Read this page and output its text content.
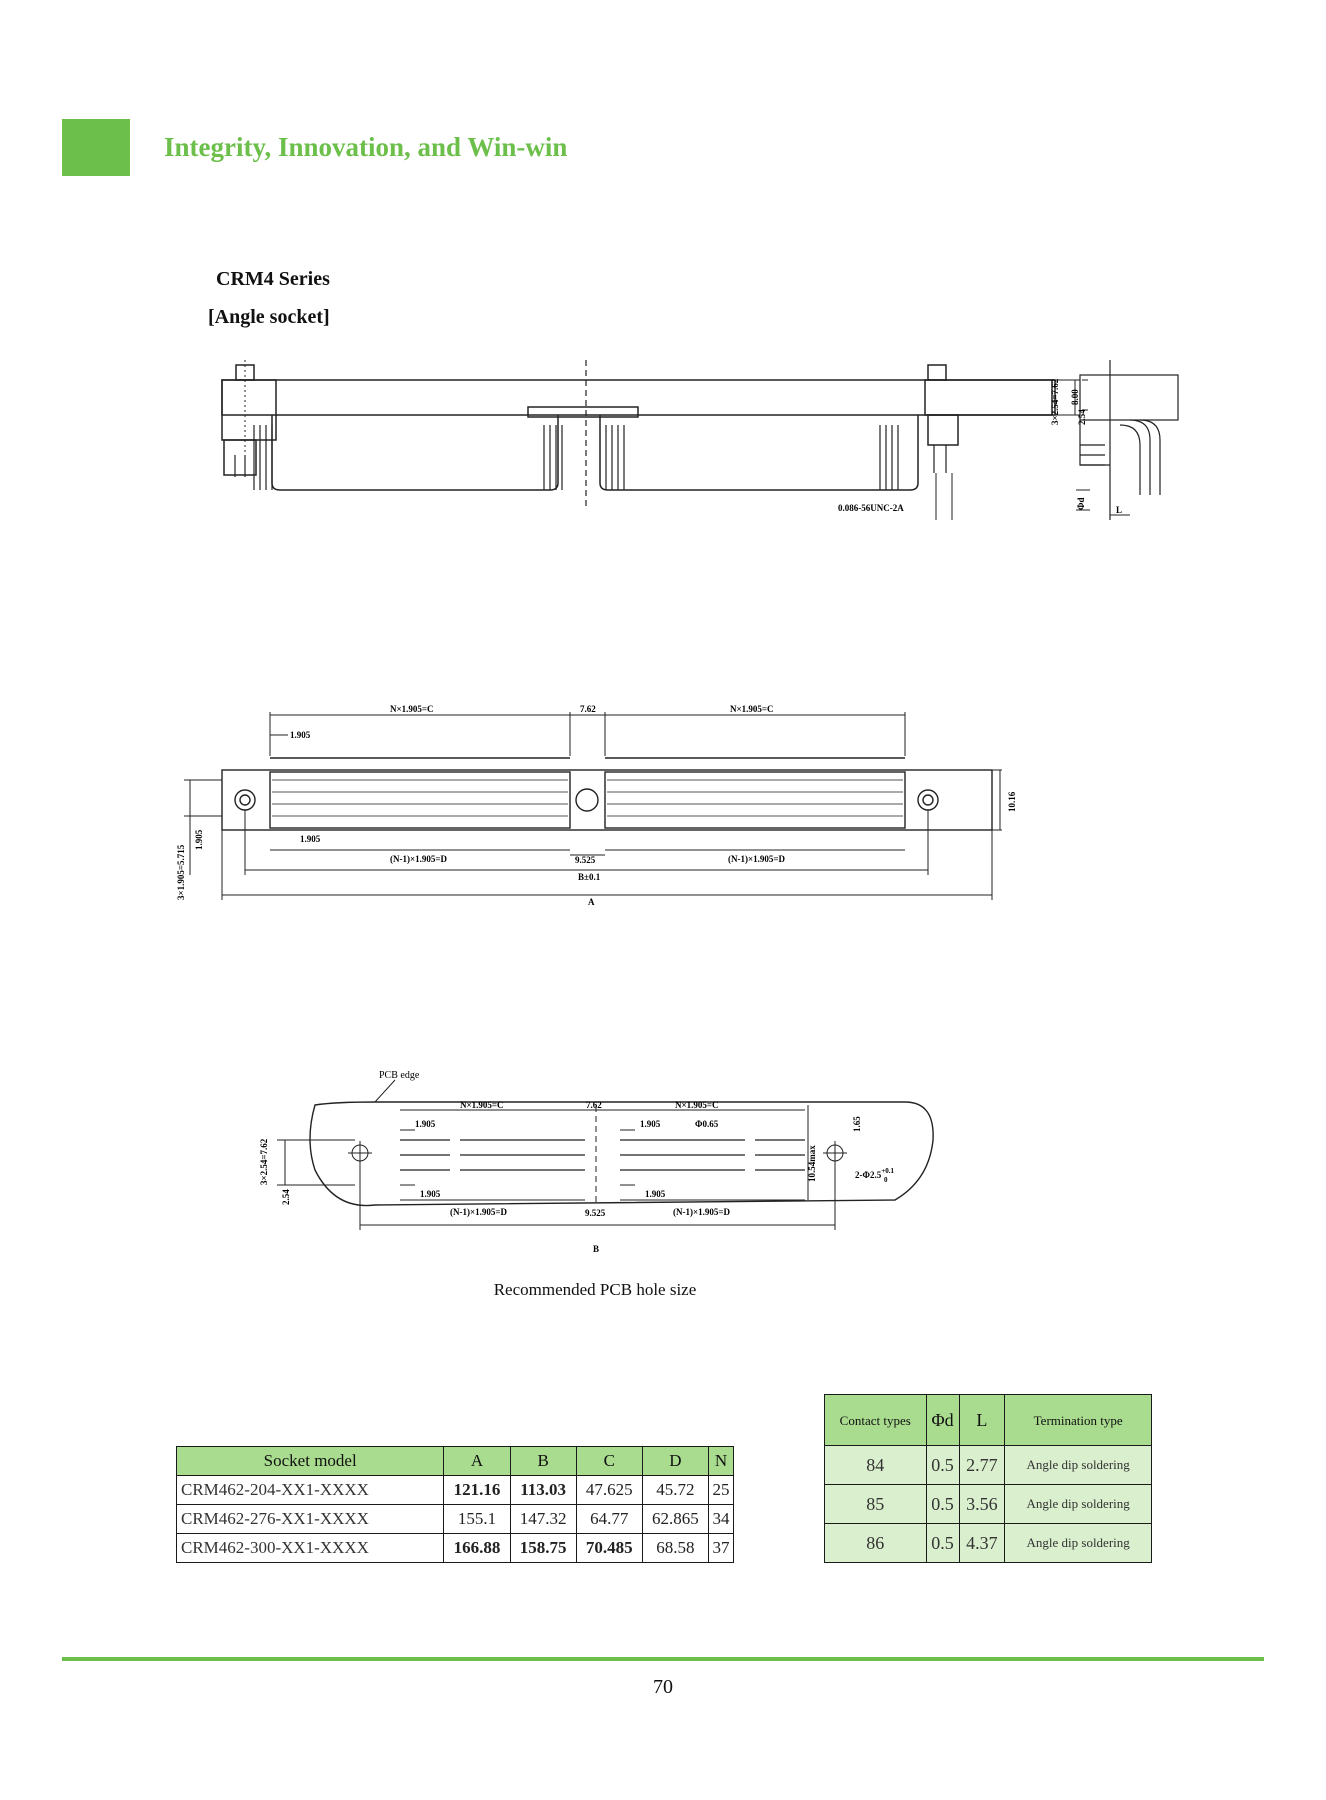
Integrity, Innovation, and Win-win
CRM4 Series
[Angle socket]
8.00
0.086-56UNC-2A
3×2.54=7.62 2.54
Φd	L
N×1.905=C	7.62	N×1.905=C
1.905
10.16
1.905
(N-1)×1.905=D	9.525	(N-1)×1.905=D
B±0.1
A
1.905
3×1.905=5.715
PCB edge
N×1.905=C	7.62	N×1.905=C
1.905	1.905	Φ0.65	1.65
10.54max	$2-\Phi 2.5^{+0.1}$ 0
1.905	1.905
(N-1)×1.905=D	9.525	(N-1)×1.905=D
B
3×2.54=7.62
2.54
Recommended PCB hole size
Socket model	A	B	C	D	N
CRM462-204-XX1-XXXX	121.16	113.03	47.625	45.72	25
CRM462-276-XX1-XXXX	155.1	147.32	64.77	62.865	34
CRM462-300-XX1-XXXX	166.88	158.75	70.485	68.58	37
Contact types	Φd	L	Termination type
84	0.5	2.77	Angle dip soldering
85	0.5	3.56	Angle dip soldering
86	0.5	4.37	Angle dip soldering
70
